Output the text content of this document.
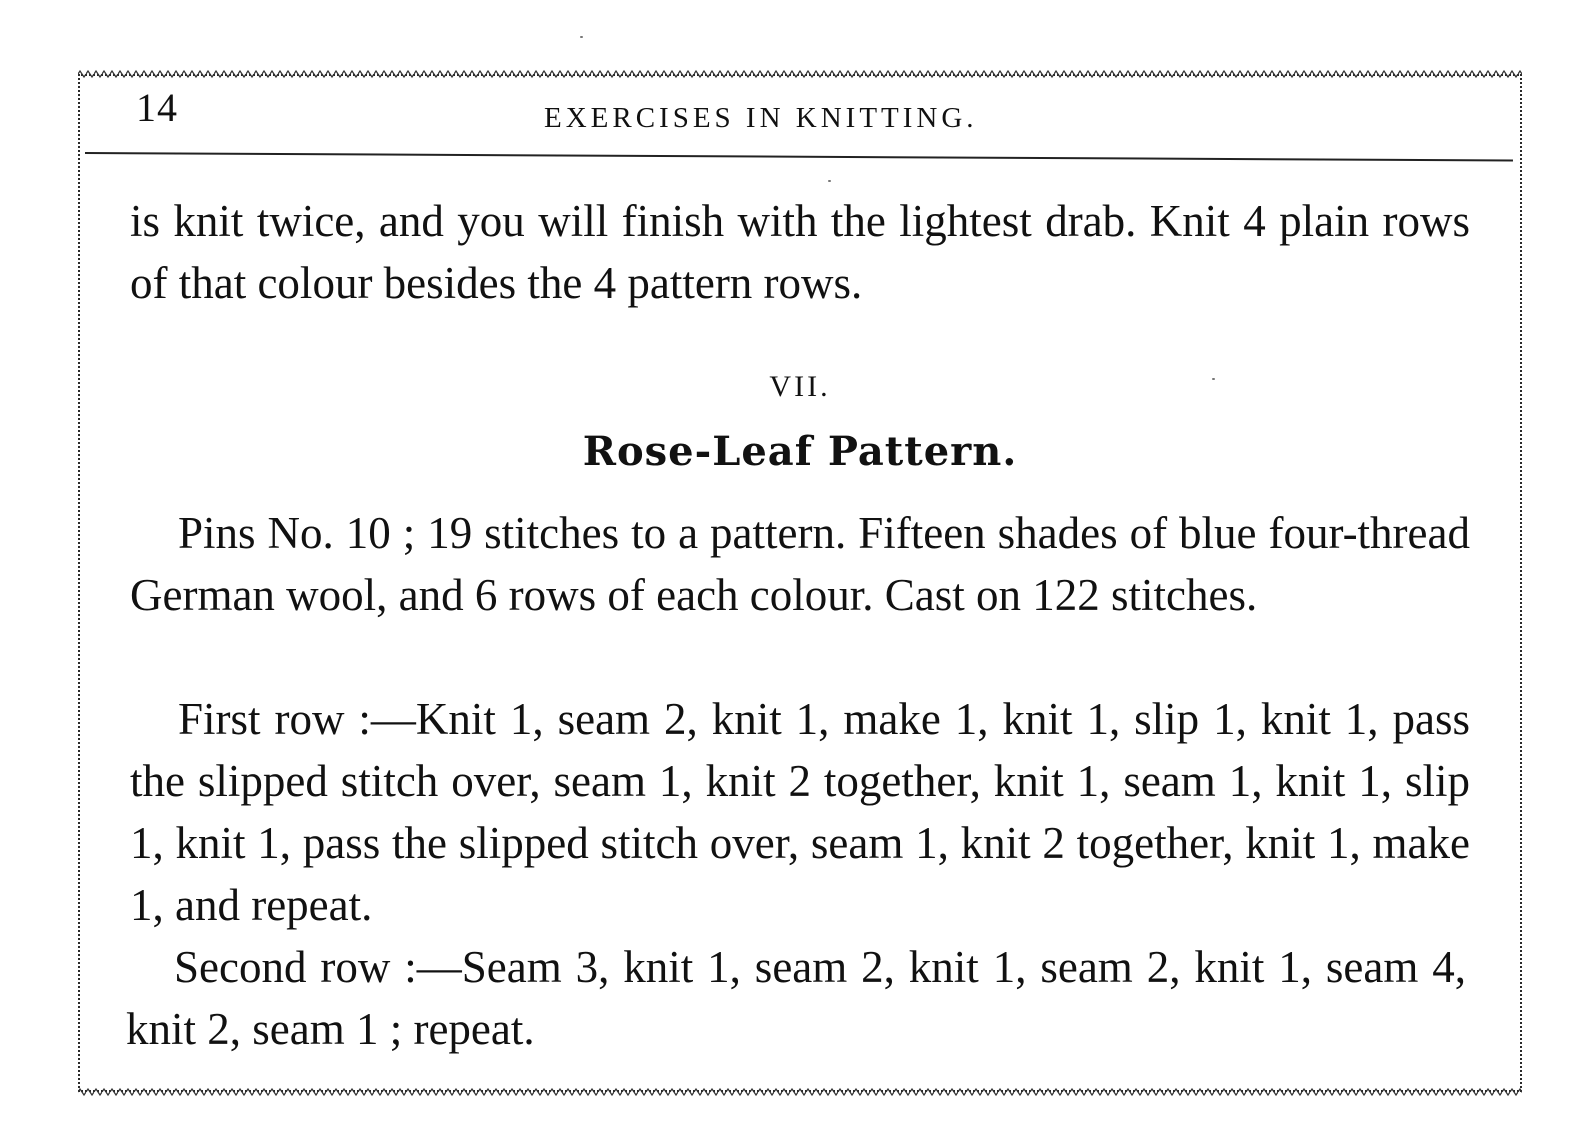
14	EXERCISES IN KNITTING.
is knit twice, and you will finish with the lightest drab. Knit 4 plain rows of that colour besides the 4 pattern rows.
VII.
Rose-Leaf Pattern.
Pins No. 10 ; 19 stitches to a pattern. Fifteen shades of blue four-thread German wool, and 6 rows of each colour. Cast on 122 stitches.
First row :—Knit 1, seam 2, knit 1, make 1, knit 1, slip 1, knit 1, pass the slipped stitch over, seam 1, knit 2 together, knit 1, seam 1, knit 1, slip 1, knit 1, pass the slipped stitch over, seam 1, knit 2 together, knit 1, make 1, and repeat.
Second row :—Seam 3, knit 1, seam 2, knit 1, seam 2, knit 1, seam 4, knit 2, seam 1 ; repeat.
